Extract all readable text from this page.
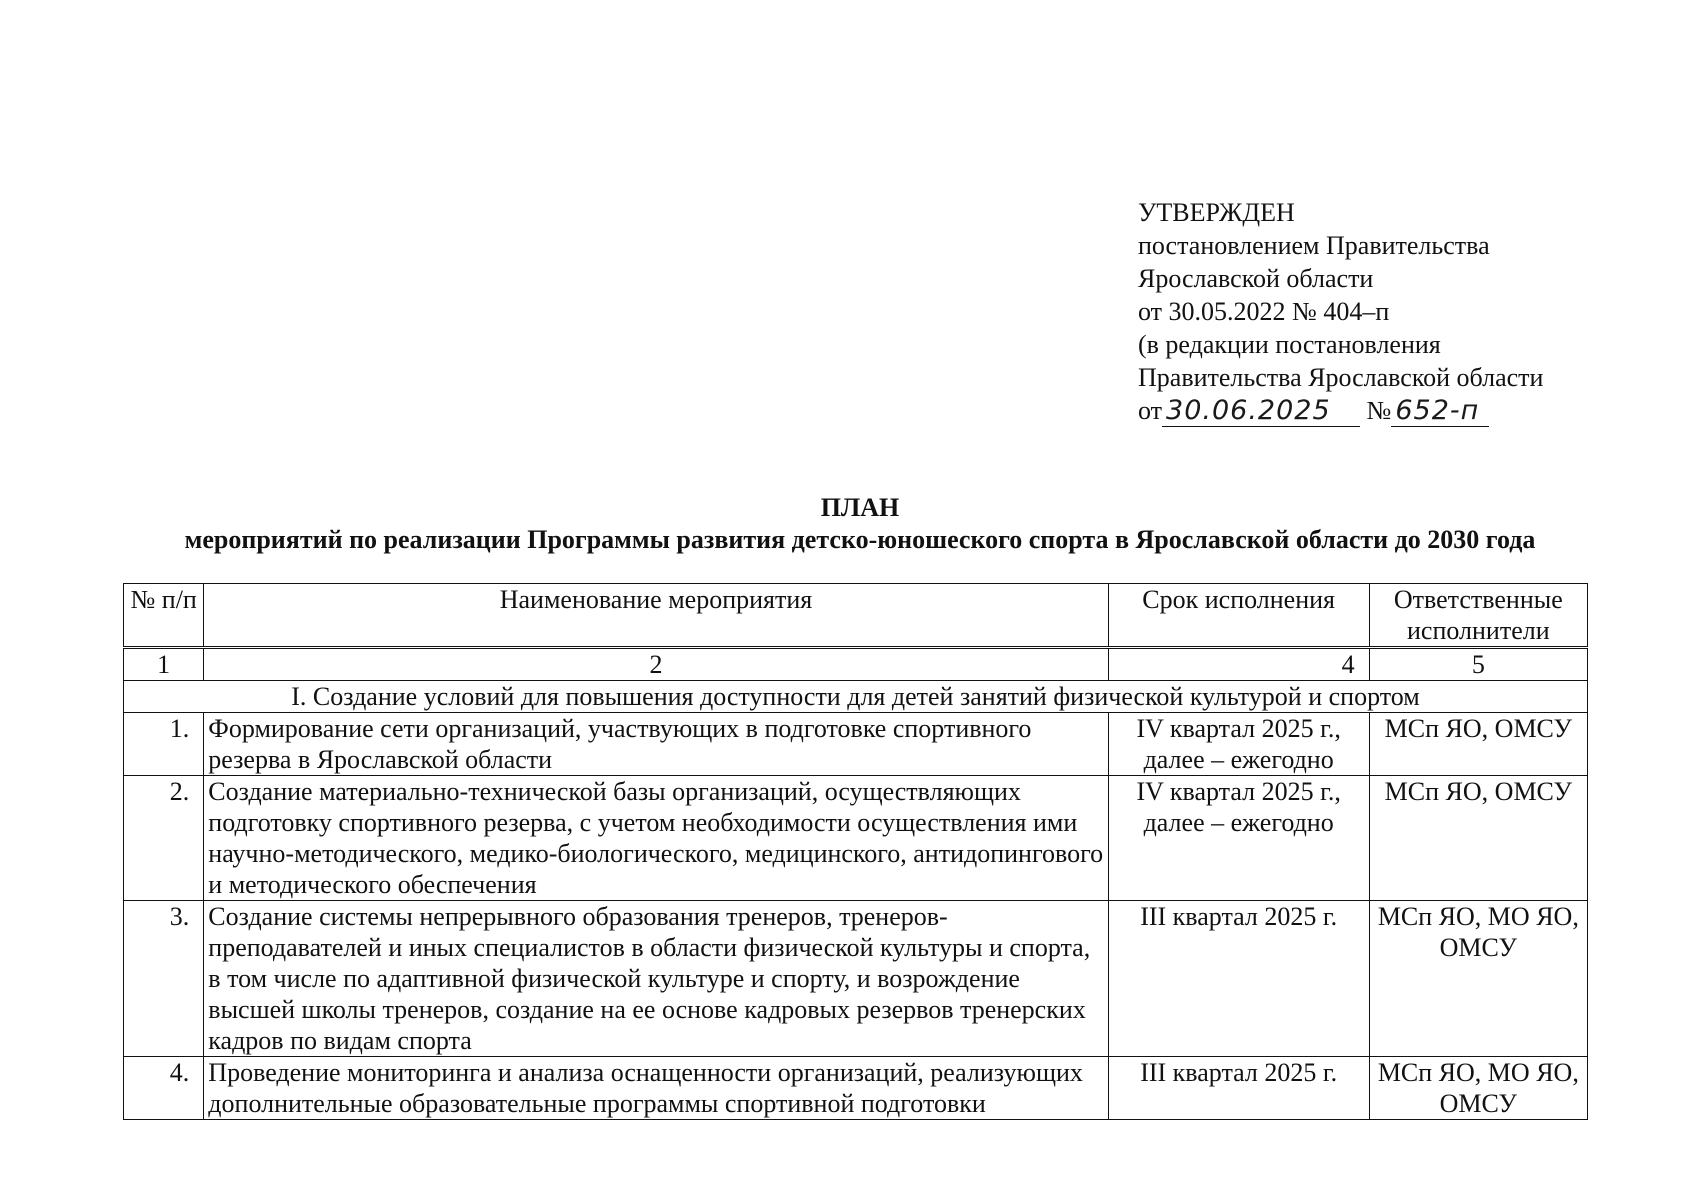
УТВЕРЖДЕН
постановлением Правительства
Ярославской области
от 30.05.2022 № 404–п
(в редакции постановления
Правительства Ярославской области
от 30.06.2025 № 652-п
ПЛАН
мероприятий по реализации Программы развития детско-юношеского спорта в Ярославской области до 2030 года
№ п/п	Наименование мероприятия	Срок исполнения	Ответственные исполнители
1	2	4	5
I. Создание условий для повышения доступности для детей занятий физической культурой и спортом			
1.	Формирование сети организаций, участвующих в подготовке спортивного резерва в Ярославской области	IV квартал 2025 г., далее – ежегодно	МСп ЯО, ОМСУ
2.	Создание материально-технической базы организаций, осуществляющих подготовку спортивного резерва, с учетом необходимости осуществления ими научно-методического, медико-биологического, медицинского, антидопингового и методического обеспечения	IV квартал 2025 г., далее – ежегодно	МСп ЯО, ОМСУ
3.	Создание системы непрерывного образования тренеров, тренеров-преподавателей и иных специалистов в области физической культуры и спорта, в том числе по адаптивной физической культуре и спорту, и возрождение высшей школы тренеров, создание на ее основе кадровых резервов тренерских кадров по видам спорта	III квартал 2025 г.	МСп ЯО, МО ЯО, ОМСУ
4.	Проведение мониторинга и анализа оснащенности организаций, реализующих дополнительные образовательные программы спортивной подготовки	III квартал 2025 г.	МСп ЯО, МО ЯО, ОМСУ
